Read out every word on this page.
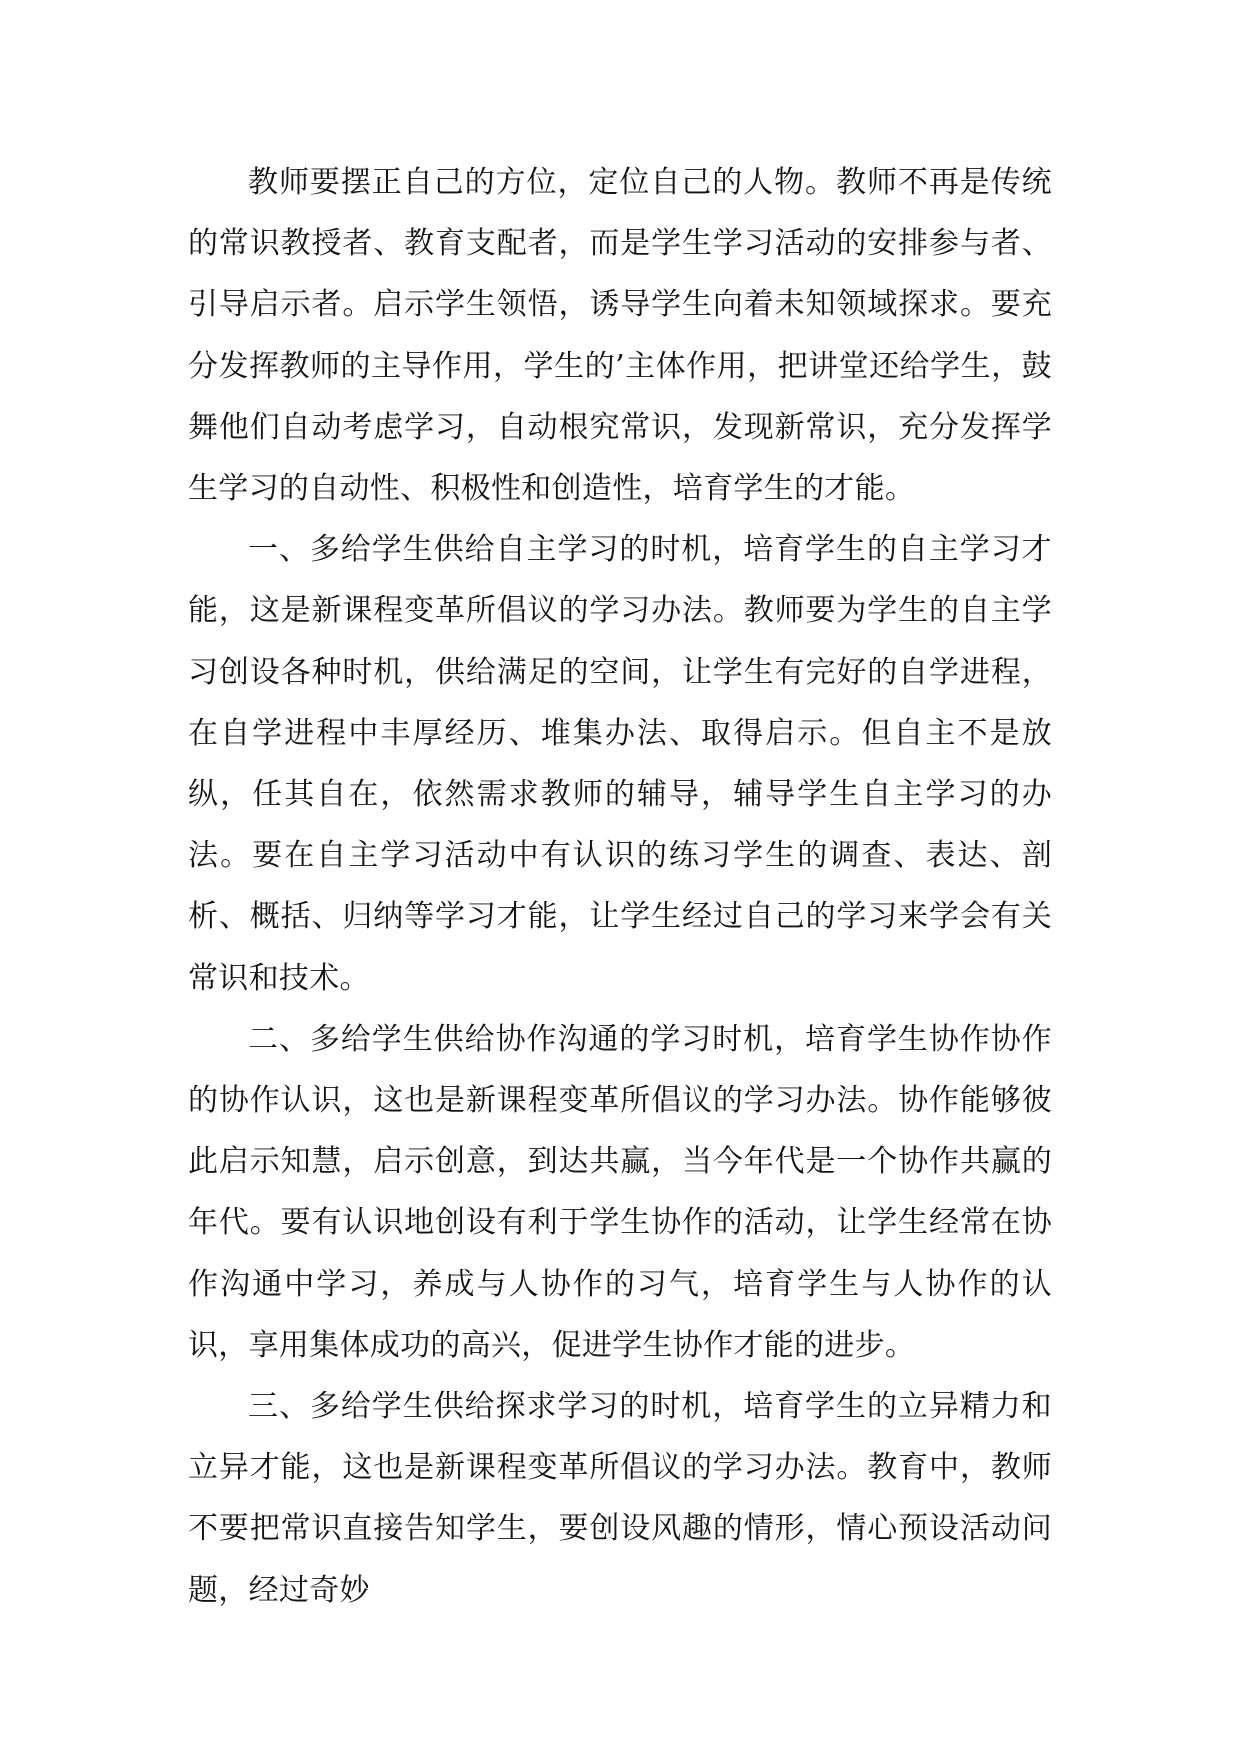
教师要摆正自己的方位，定位自己的人物。教师不再是传统的常识教授者、教育支配者，而是学生学习活动的安排参与者、引导启示者。启示学生领悟，诱导学生向着未知领域探求。要充分发挥教师的主导作用，学生的’主体作用，把讲堂还给学生，鼓舞他们自动考虑学习，自动根究常识，发现新常识，充分发挥学生学习的自动性、积极性和创造性，培育学生的才能。

一、多给学生供给自主学习的时机，培育学生的自主学习才能，这是新课程变革所倡议的学习办法。教师要为学生的自主学习创设各种时机，供给满足的空间，让学生有完好的自学进程，在自学进程中丰厚经历、堆集办法、取得启示。但自主不是放纵，任其自在，依然需求教师的辅导，辅导学生自主学习的办法。要在自主学习活动中有认识的练习学生的调查、表达、剖析、概括、归纳等学习才能，让学生经过自己的学习来学会有关常识和技术。

二、多给学生供给协作沟通的学习时机，培育学生协作协作的协作认识，这也是新课程变革所倡议的学习办法。协作能够彼此启示知慧，启示创意，到达共赢，当今年代是一个协作共赢的年代。要有认识地创设有利于学生协作的活动，让学生经常在协作沟通中学习，养成与人协作的习气，培育学生与人协作的认识，享用集体成功的高兴，促进学生协作才能的进步。

三、多给学生供给探求学习的时机，培育学生的立异精力和立异才能，这也是新课程变革所倡议的学习办法。教育中，教师不要把常识直接告知学生，要创设风趣的情形，情心预设活动问题，经过奇妙
